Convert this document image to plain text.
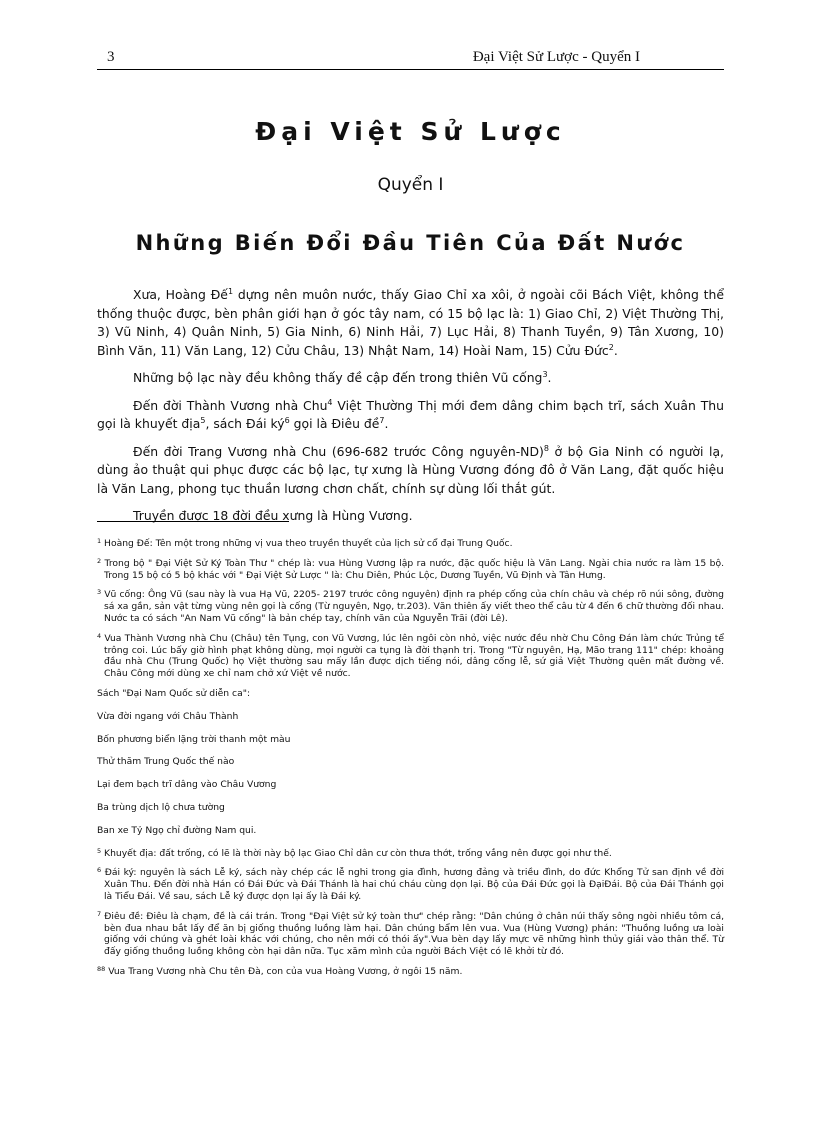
3	Đại Việt Sử Lược - Quyển I
Đại Việt Sử Lược
Quyển I
Những Biến Đổi Đầu Tiên Của Đất Nước

Xưa, Hoàng Đế$^1$ dựng nên muôn nước, thấy Giao Chỉ xa xôi, ở ngoài cõi Bách Việt, không thể thống thuộc được, bèn phân giới hạn ở góc tây nam, có 15 bộ lạc là: 1) Giao Chỉ, 2) Việt Thường Thị, 3) Vũ Ninh, 4) Quân Ninh, 5) Gia Ninh, 6) Ninh Hải, 7) Lục Hải, 8) Thanh Tuyền, 9) Tân Xương, 10) Bình Văn, 11) Văn Lang, 12) Cửu Châu, 13) Nhật Nam, 14) Hoài Nam, 15) Cửu Đức$^2$.

Những bộ lạc này đều không thấy đề cập đến trong thiên Vũ cống$^3$.

Đến đời Thành Vương nhà Chu$^4$ Việt Thường Thị mới đem dâng chim bạch trĩ, sách Xuân Thu gọi là khuyết địa$^5$, sách Đái $ký^6$ gọi là Điêu đề$^7$.

Đến đời Trang Vương nhà Chu (696-682 trước Công nguyên-ND)$^8$ ở bộ Gia Ninh có người lạ, dùng ảo thuật qui phục được các bộ lạc, tự xưng là Hùng Vương đóng đô ở Văn Lang, đặt quốc hiệu là Văn Lang, phong tục thuần lương chơn chất, chính sự dùng lối thắt gút.

Truyền được 18 đời đều xưng là Hùng Vương.

$^1$ Hoàng Đế: Tên một trong những vị vua theo truyền thuyết của lịch sử cổ đại Trung Quốc.
$^2$ Trong bộ " Đại Việt Sử Ký Toàn Thư " chép là: vua Hùng Vương lập ra nước, đặc quốc hiệu là Văn Lang. Ngài chia nước ra làm 15 bộ. Trong 15 bộ có 5 bộ khác với " Đại Việt Sử Lược " là: Chu Diên, Phúc Lộc, Dương Tuyền, Vũ Định và Tân Hưng.
$^3$ Vũ cống: Ông Vũ (sau này là vua Hạ Vũ, 2205- 2197 trước công nguyên) định ra phép cống của chín châu và chép rõ núi sông, đường sá xa gần, sản vật từng vùng nên gọi là cống (Từ nguyên, Ngọ, tr.203). Văn thiên ấy viết theo thể câu từ 4 đến 6 chữ thường đối nhau. Nước ta có sách "An Nam Vũ cống" là bản chép tay, chính văn của Nguyễn Trãi (đời Lê).
$^4$ Vua Thành Vương nhà Chu (Châu) tên Tụng, con Vũ Vương, lúc lên ngôi còn nhỏ, việc nước đều nhờ Chu Công Đán làm chức Trủng tể trông coi. Lúc bấy giờ hình phạt không dùng, mọi người ca tụng là đời thạnh trị. Trong "Từ nguyên, Hạ, Mão trang 111" chép: khoảng đầu nhà Chu (Trung Quốc) họ Việt thường sau mấy lần được dịch tiếng nói, dâng cống lễ, sứ giả Việt Thường quên mất đường về. Châu Công mới dùng xe chỉ nam chở xứ Việt về nước.
Sách "Đại Nam Quốc sử diễn ca":
Vừa đời ngang với Châu Thành
Bốn phương biển lặng trời thanh một màu
Thử thăm Trung Quốc thế nào
Lại đem bạch trĩ dâng vào Châu Vương
Ba trùng dịch lộ chưa tường
Ban xe Tỷ Ngọ chỉ đường Nam qui.
$^5$ Khuyết địa: đất trống, có lẽ là thời này bộ lạc Giao Chỉ dân cư còn thưa thớt, trống vắng nên được gọi như thế.
$^6$ Đái ký: nguyên là sách Lễ ký, sách này chép các lễ nghi trong gia đình, hương đảng và triều đình, do đức Khổng Tử san định về đời Xuân Thu. Đến đời nhà Hán có Đái Đức và Đái Thánh là hai chú cháu cùng dọn lại. Bộ của Đái Đức gọi là ĐạiĐái. Bộ của Đái Thánh gọi là Tiểu Đái. Về sau, sách Lễ ký được dọn lại ấy là Đái ký.
$^7$ Điêu đề: Điêu là chạm, đề là cái trán. Trong "Đại Việt sử ký toàn thư" chép rằng: "Dân chúng ở chân núi thấy sông ngòi nhiều tôm cá, bèn đua nhau bắt lấy để ăn bị giống thuồng luồng làm hại. Dân chúng bẩm lên vua. Vua (Hùng Vương) phán: "Thuồng luồng ưa loài giống với chúng và ghét loài khác với chúng, cho nên mới có thói ấy".Vua bèn dạy lấy mực vẽ những hình thủy giái vào thân thể. Từ đấy giống thuồng luồng không còn hại dân nữa. Tục xăm mình của người Bách Việt có lẽ khởi từ đó.
$^{88}$ Vua Trang Vương nhà Chu tên Đà, con của vua Hoàng Vương, ở ngôi 15 năm.
